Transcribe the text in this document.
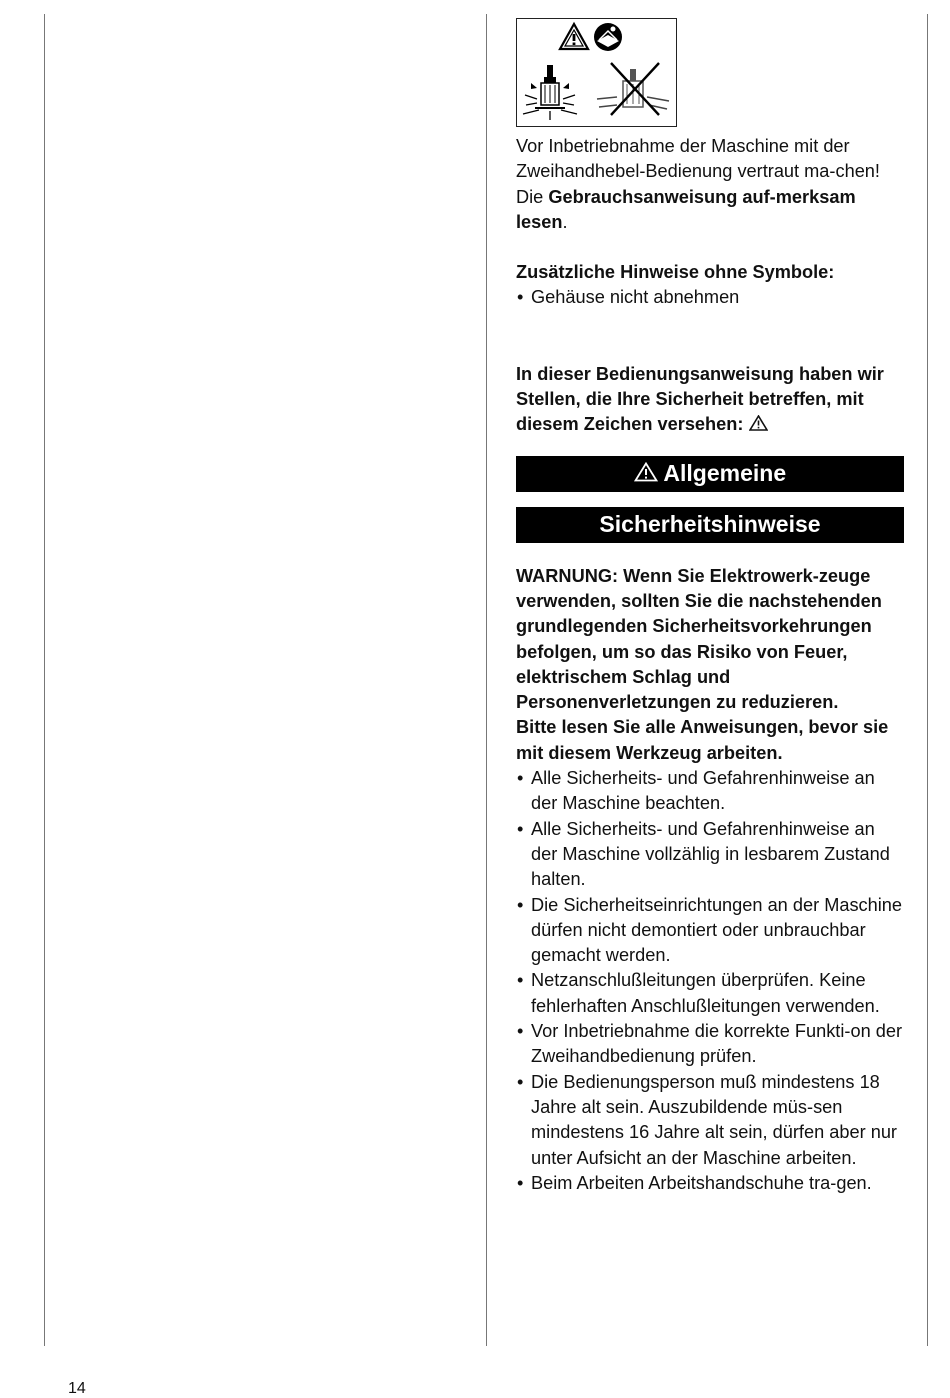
Vor Inbetriebnahme der Maschine mit der Zweihandhebel-Bedienung vertraut ma-chen! Die Gebrauchsanweisung auf-merksam lesen.

Zusätzliche Hinweise ohne Symbole:

• Gehäuse nicht abnehmen

In dieser Bedienungsanweisung haben wir Stellen, die Ihre Sicherheit betreffen, mit diesem Zeichen versehen:

Allgemeine
Sicherheitshinweise

WARNUNG: Wenn Sie Elektrowerk-zeuge verwenden, sollten Sie die nachstehenden grundlegenden Sicherheitsvorkehrungen befolgen, um so das Risiko von Feuer, elektrischem Schlag und Personenverletzungen zu reduzieren.

Bitte lesen Sie alle Anweisungen, bevor sie mit diesem Werkzeug arbeiten.

• Alle Sicherheits- und Gefahrenhinweise an der Maschine beachten.
• Alle Sicherheits- und Gefahrenhinweise an der Maschine vollzählig in lesbarem Zustand halten.
• Die Sicherheitseinrichtungen an der Maschine dürfen nicht demontiert oder unbrauchbar gemacht werden.
• Netzanschlußleitungen überprüfen. Keine fehlerhaften Anschlußleitungen verwenden.
• Vor Inbetriebnahme die korrekte Funkti-on der Zweihandbedienung prüfen.
• Die Bedienungsperson muß mindestens 18 Jahre alt sein. Auszubildende müs-sen mindestens 16 Jahre alt sein, dürfen aber nur unter Aufsicht an der Maschine arbeiten.
• Beim Arbeiten Arbeitshandschuhe tra-gen.
14
